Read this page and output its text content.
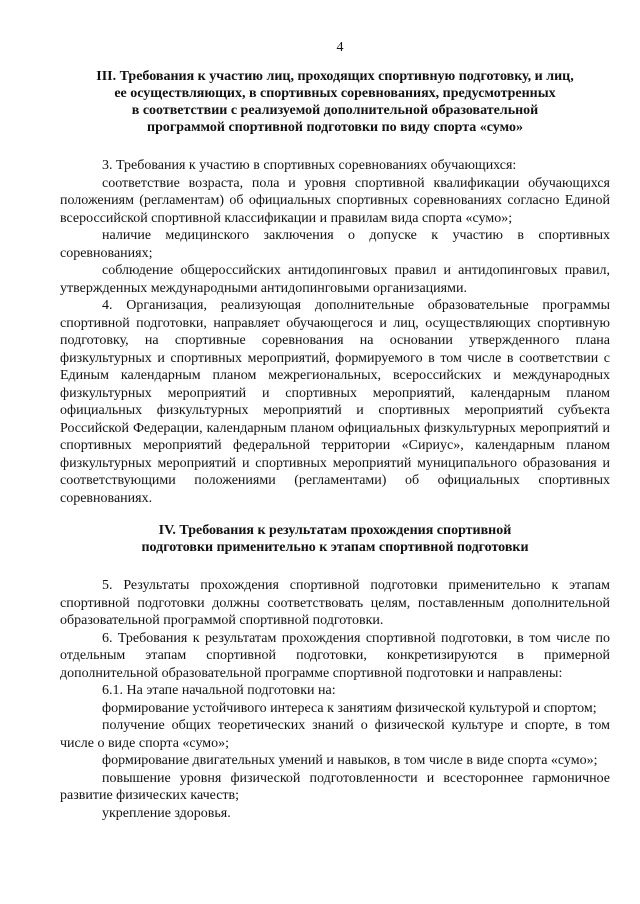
4
III. Требования к участию лиц, проходящих спортивную подготовку, и лиц,
ее осуществляющих, в спортивных соревнованиях, предусмотренных
в соответствии с реализуемой дополнительной образовательной
программой спортивной подготовки по виду спорта «сумо»

3. Требования к участию в спортивных соревнованиях обучающихся:

соответствие возраста, пола и уровня спортивной квалификации обучающихся положениям (регламентам) об официальных спортивных соревнованиях согласно Единой всероссийской спортивной классификации и правилам вида спорта «сумо»;

наличие медицинского заключения о допуске к участию в спортивных соревнованиях;

соблюдение общероссийских антидопинговых правил и антидопинговых правил, утвержденных международными антидопинговыми организациями.

4. Организация, реализующая дополнительные образовательные программы спортивной подготовки, направляет обучающегося и лиц, осуществляющих спортивную подготовку, на спортивные соревнования на основании утвержденного плана физкультурных и спортивных мероприятий, формируемого в том числе в соответствии с Единым календарным планом межрегиональных, всероссийских и международных физкультурных мероприятий и спортивных мероприятий, календарным планом официальных физкультурных мероприятий и спортивных мероприятий субъекта Российской Федерации, календарным планом официальных физкультурных мероприятий и спортивных мероприятий федеральной территории «Сириус», календарным планом физкультурных мероприятий и спортивных мероприятий муниципального образования и соответствующими положениями (регламентами) об официальных спортивных соревнованиях.

IV. Требования к результатам прохождения спортивной
подготовки применительно к этапам спортивной подготовки

5. Результаты прохождения спортивной подготовки применительно к этапам спортивной подготовки должны соответствовать целям, поставленным дополнительной образовательной программой спортивной подготовки.

6. Требования к результатам прохождения спортивной подготовки, в том числе по отдельным этапам спортивной подготовки, конкретизируются в примерной дополнительной образовательной программе спортивной подготовки и направлены:

6.1. На этапе начальной подготовки на:

формирование устойчивого интереса к занятиям физической культурой и спортом;

получение общих теоретических знаний о физической культуре и спорте, в том числе о виде спорта «сумо»;

формирование двигательных умений и навыков, в том числе в виде спорта «сумо»;

повышение уровня физической подготовленности и всестороннее гармоничное развитие физических качеств;

укрепление здоровья.
